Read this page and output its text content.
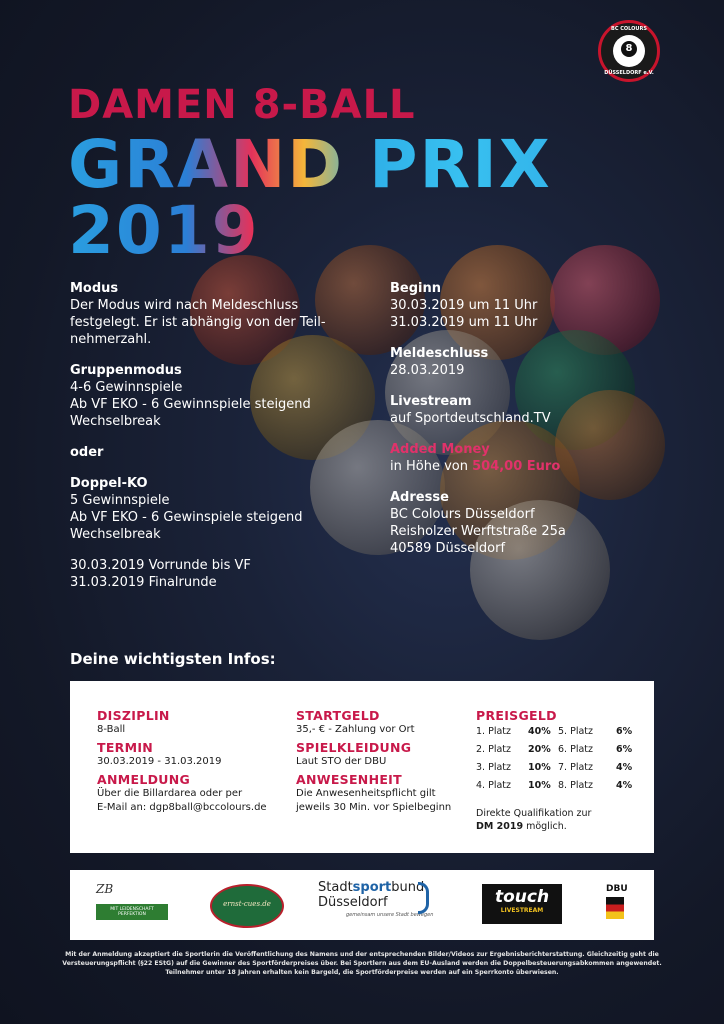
BC COLOURS
8
DÜSSELDORF e.V.
DAMEN 8-BALL
GRAND PRIX 2019
Modus

Der Modus wird nach Meldeschluss festgelegt. Er ist abhängig von der Teil-nehmerzahl.

Gruppenmodus
4-6 Gewinnspiele
Ab VF EKO - 6 Gewinnspiele steigend

Wechselbreak

oder

Doppel-KO
5 Gewinnspiele
Ab VF EKO - 6 Gewinspiele steigend

Wechselbreak

30.03.2019 Vorrunde bis VF
31.03.2019 Finalrunde
Beginn
30.03.2019 um 11 Uhr

31.03.2019 um 11 Uhr

Meldeschluss

28.03.2019

Livestream

auf Sportdeutschland.TV

Added Money

in Höhe von 504,00 Euro

Adresse
BC Colours Düsseldorf
Reisholzer Werftstraße 25a
40589 Düsseldorf
Deine wichtigsten Infos:
DISZIPLIN
8-Ball
TERMIN
30.03.2019 - 31.03.2019
ANMELDUNG
Über die Billardarea oder per
E-Mail an: dgp8ball@bccolours.de
STARTGELD
35,- € - Zahlung vor Ort
SPIELKLEIDUNG
Laut STO der DBU
ANWESENHEIT
Die Anwesenheitspflicht gilt
jeweils 30 Min. vor Spielbeginn
PREISGELD
1. Platz	40% 5. Platz	6%
2. Platz	20% 6. Platz	6%
3. Platz	10% 7. Platz	4%
4. Platz	10% 8. Platz	4%
Direkte Qualifikation zur
DM 2019 möglich.
ZB
MIT LEIDENSCHAFT PERFEKTION
ernst-cues.de
Stadtsportbund
Düsseldorf
gemeinsam unsere Stadt bewegen
touch
LIVESTREAM
DBU
Mit der Anmeldung akzeptiert die Sportlerin die Veröffentlichung des Namens und der entsprechenden Bilder/Videos zur Ergebnisberichterstattung. Gleichzeitig geht die Versteuerungspflicht (§22 EStG) auf die Gewinner des Sportförderpreises über. Bei Sportlern aus dem EU-Ausland werden die Doppelbesteuerungsabkommen angewendet. Teilnehmer unter 18 Jahren erhalten kein Bargeld, die Sportförderpreise werden auf ein Sperrkonto überwiesen.
